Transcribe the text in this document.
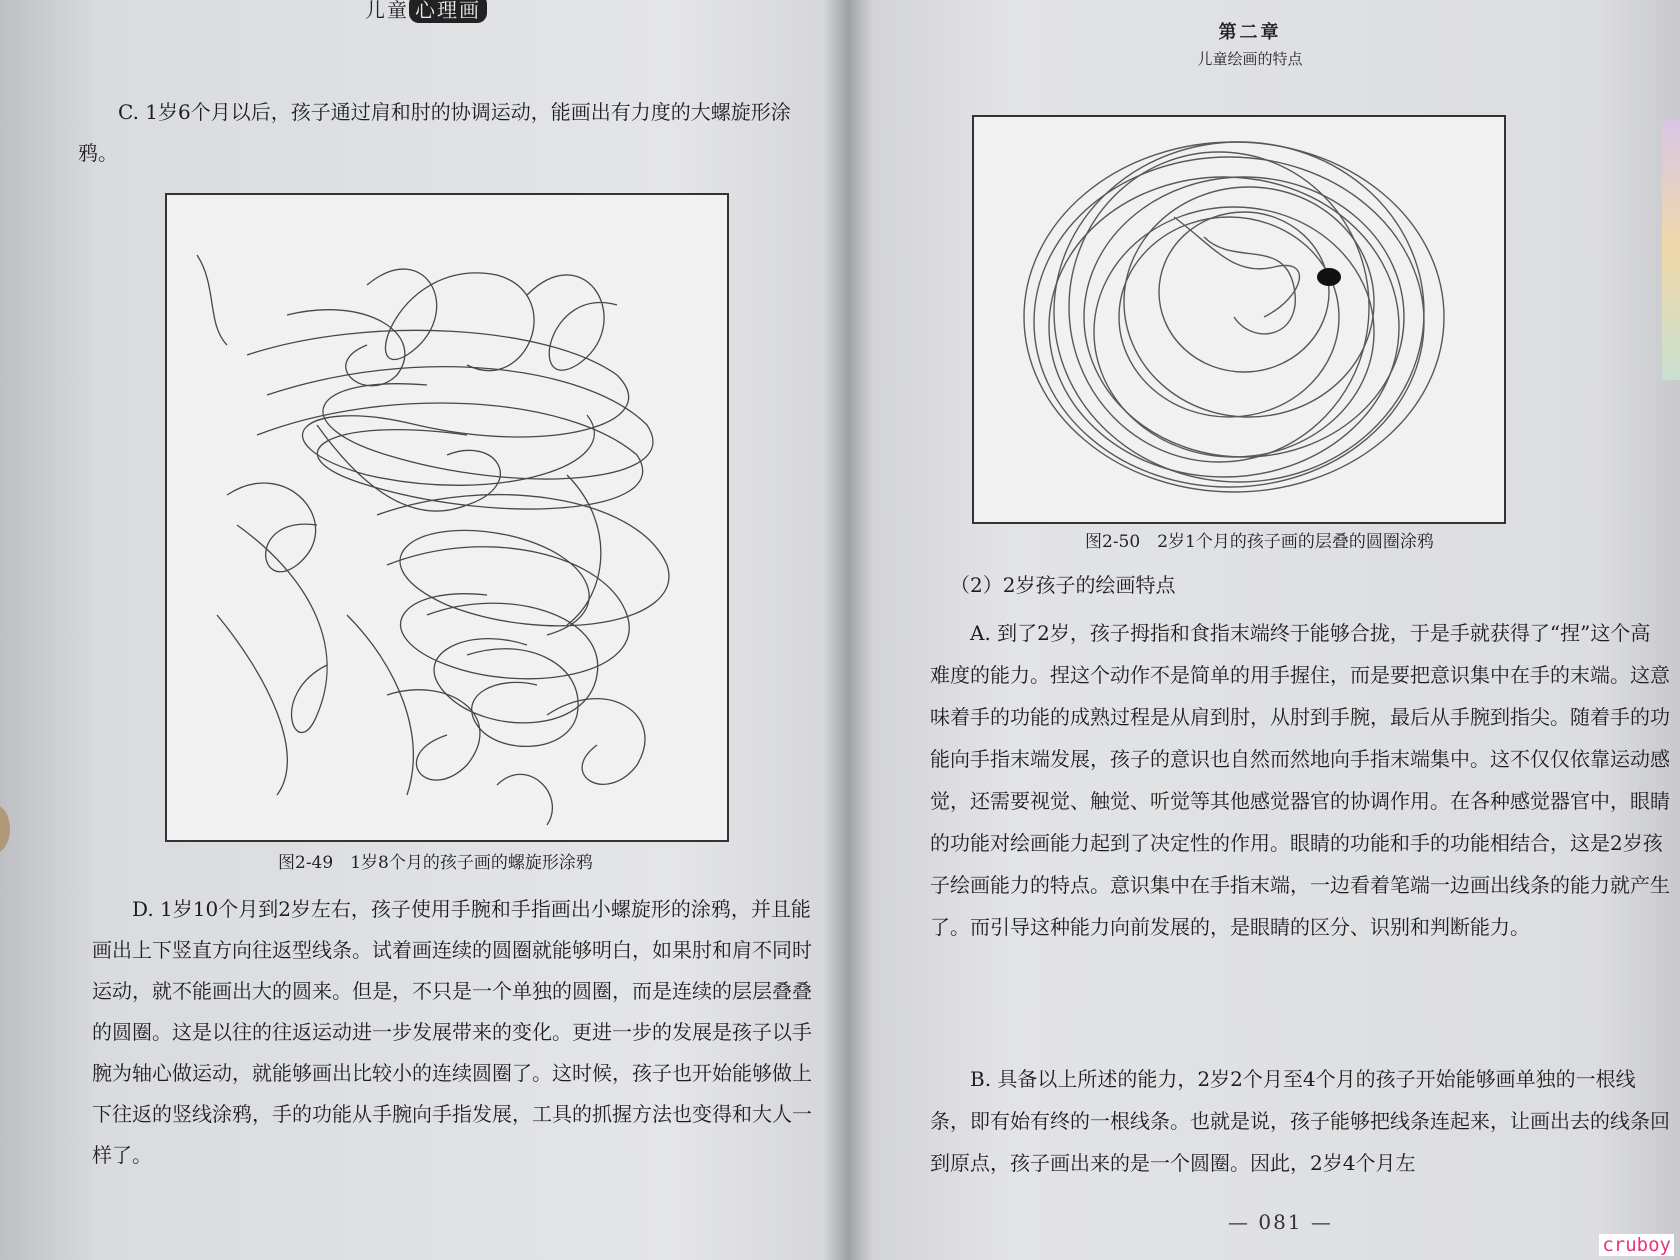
儿童 心理画

C. 1岁6个月以后，孩子通过肩和肘的协调运动，能画出有力度的大螺旋形涂鸦。

图2-49　1岁8个月的孩子画的螺旋形涂鸦

D. 1岁10个月到2岁左右，孩子使用手腕和手指画出小螺旋形的涂鸦，并且能画出上下竖直方向往返型线条。试着画连续的圆圈就能够明白，如果肘和肩不同时运动，就不能画出大的圆来。但是，不只是一个单独的圆圈，而是连续的层层叠叠的圆圈。这是以往的往返运动进一步发展带来的变化。更进一步的发展是孩子以手腕为轴心做运动，就能够画出比较小的连续圆圈了。这时候，孩子也开始能够做上下往返的竖线涂鸦，手的功能从手腕向手指发展，工具的抓握方法也变得和大人一样了。

第二章
儿童绘画的特点
图2-50　2岁1个月的孩子画的层叠的圆圈涂鸦
（2）2岁孩子的绘画特点

A. 到了2岁，孩子拇指和食指末端终于能够合拢，于是手就获得了“捏”这个高难度的能力。捏这个动作不是简单的用手握住，而是要把意识集中在手的末端。这意味着手的功能的成熟过程是从肩到肘，从肘到手腕，最后从手腕到指尖。随着手的功能向手指末端发展，孩子的意识也自然而然地向手指末端集中。这不仅仅依靠运动感觉，还需要视觉、触觉、听觉等其他感觉器官的协调作用。在各种感觉器官中，眼睛的功能对绘画能力起到了决定性的作用。眼睛的功能和手的功能相结合，这是2岁孩子绘画能力的特点。意识集中在手指末端，一边看着笔端一边画出线条的能力就产生了。而引导这种能力向前发展的，是眼睛的区分、识别和判断能力。

B. 具备以上所述的能力，2岁2个月至4个月的孩子开始能够画单独的一根线条，即有始有终的一根线条。也就是说，孩子能够把线条连起来，让画出去的线条回到原点，孩子画出来的是一个圆圈。因此，2岁4个月左

— 081 —
cruboy
